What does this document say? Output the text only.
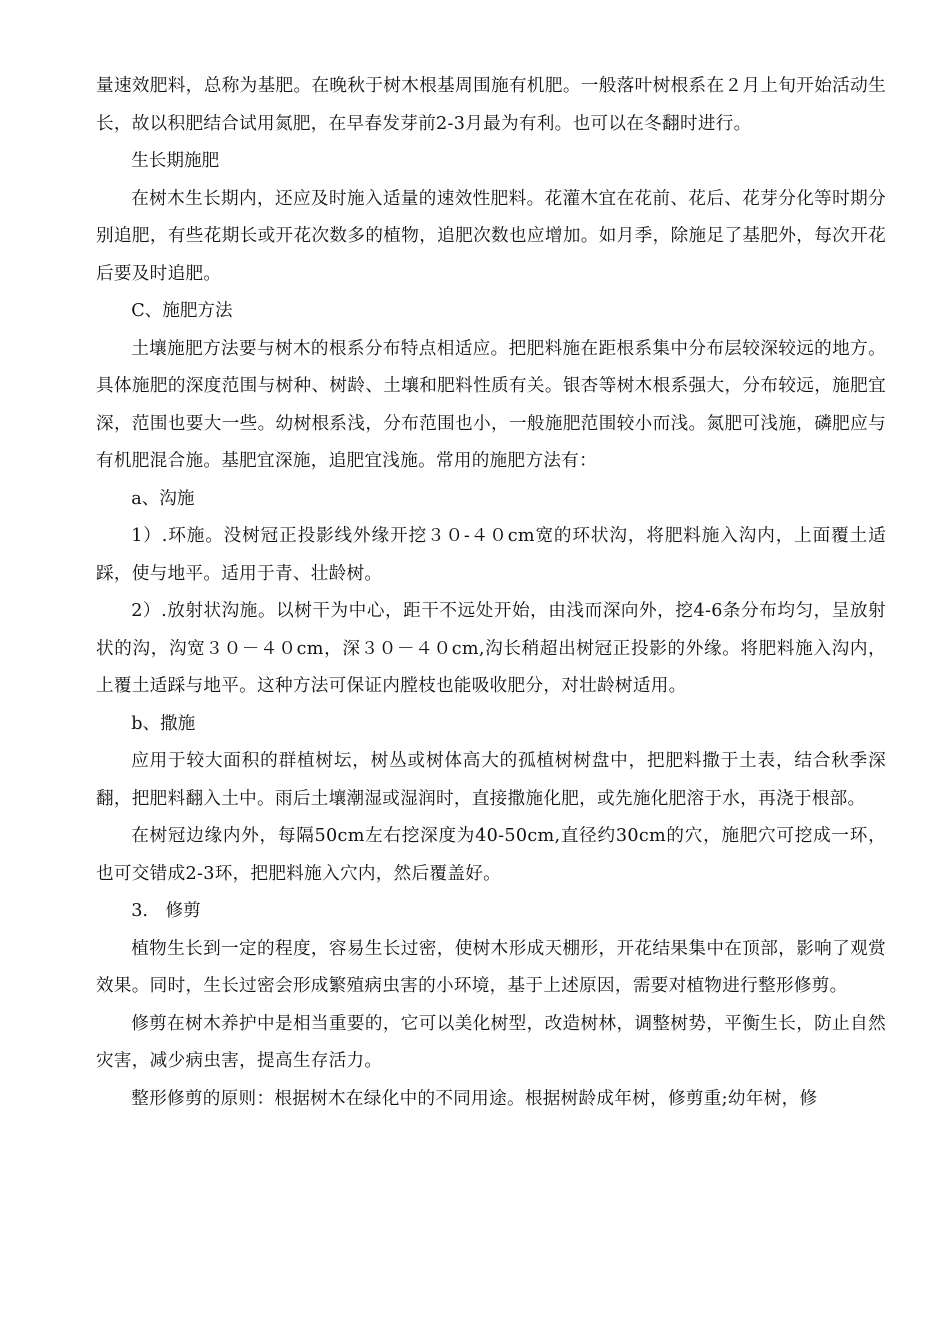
量速效肥料，总称为基肥。在晚秋于树木根基周围施有机肥。一般落叶树根系在２月上旬开始活动生长，故以积肥结合试用氮肥，在早春发芽前2-3月最为有利。也可以在冬翻时进行。

生长期施肥

在树木生长期内，还应及时施入适量的速效性肥料。花灌木宜在花前、花后、花芽分化等时期分别追肥，有些花期长或开花次数多的植物，追肥次数也应增加。如月季，除施足了基肥外，每次开花后要及时追肥。

C、施肥方法

土壤施肥方法要与树木的根系分布特点相适应。把肥料施在距根系集中分布层较深较远的地方。具体施肥的深度范围与树种、树龄、土壤和肥料性质有关。银杏等树木根系强大，分布较远，施肥宜深，范围也要大一些。幼树根系浅，分布范围也小，一般施肥范围较小而浅。氮肥可浅施，磷肥应与有机肥混合施。基肥宜深施，追肥宜浅施。常用的施肥方法有：

a、沟施

1）.环施。没树冠正投影线外缘开挖３０-４０cm宽的环状沟，将肥料施入沟内，上面覆土适踩，使与地平。适用于青、壮龄树。

2）.放射状沟施。以树干为中心，距干不远处开始，由浅而深向外，挖4-6条分布均匀，呈放射状的沟，沟宽３０－４０cm，深３０－４０cm,沟长稍超出树冠正投影的外缘。将肥料施入沟内，上覆土适踩与地平。这种方法可保证内膛枝也能吸收肥分，对壮龄树适用。

b、撒施

应用于较大面积的群植树坛，树丛或树体高大的孤植树树盘中，把肥料撒于土表，结合秋季深翻，把肥料翻入土中。雨后土壤潮湿或湿润时，直接撒施化肥，或先施化肥溶于水，再浇于根部。

在树冠边缘内外，每隔50cm左右挖深度为40-50cm,直径约30cm的穴，施肥穴可挖成一环，也可交错成2-3环，把肥料施入穴内，然后覆盖好。

3.　修剪

植物生长到一定的程度，容易生长过密，使树木形成天棚形，开花结果集中在顶部，影响了观赏效果。同时，生长过密会形成繁殖病虫害的小环境，基于上述原因，需要对植物进行整形修剪。

修剪在树木养护中是相当重要的，它可以美化树型，改造树林，调整树势，平衡生长，防止自然灾害，减少病虫害，提高生存活力。

整形修剪的原则：根据树木在绿化中的不同用途。根据树龄成年树，修剪重;幼年树，修
